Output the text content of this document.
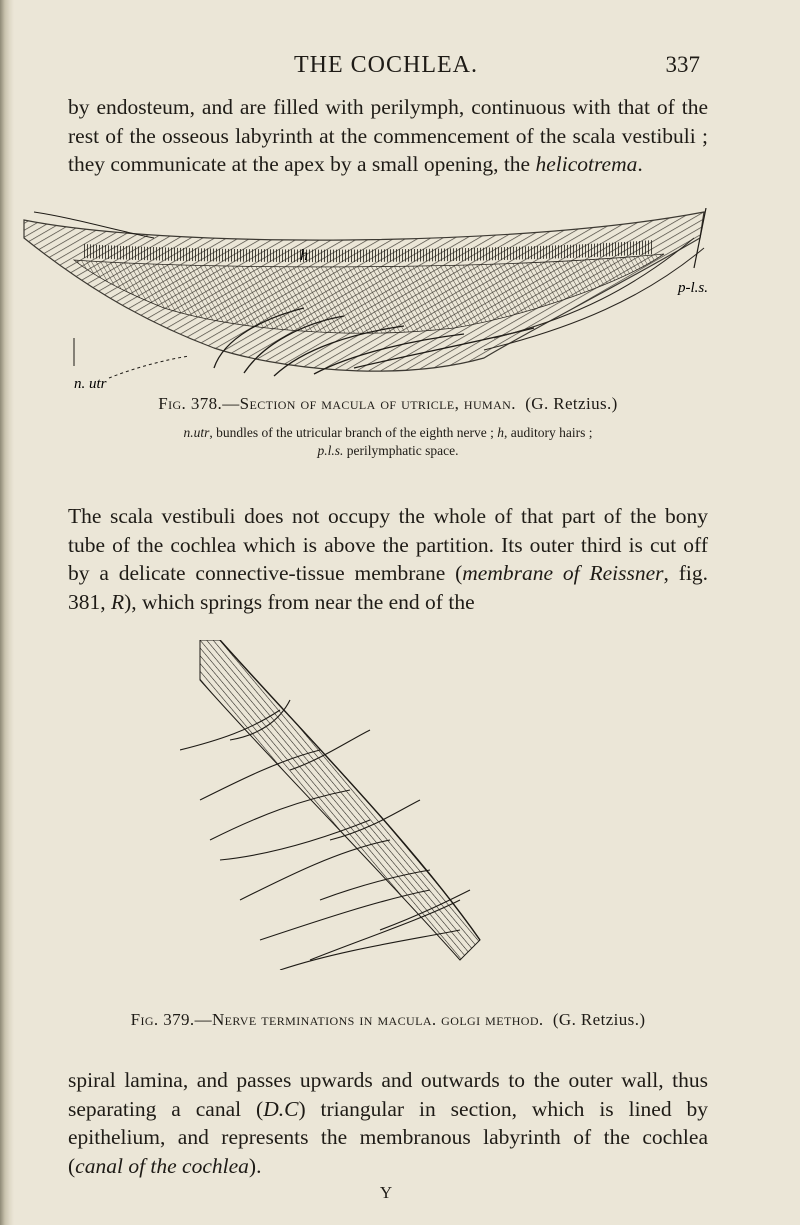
THE COCHLEA.	337

by endosteum, and are filled with perilymph, continuous with that of the rest of the osseous labyrinth at the commencement of the scala vestibuli ; they communicate at the apex by a small opening, the helicotrema.

h
p-l.s.
n. utr
Fig. 378.—Section of macula of utricle, human. (G. Retzius.)
n.utr, bundles of the utricular branch of the eighth nerve ; h, auditory hairs ;
p.l.s. perilymphatic space.

The scala vestibuli does not occupy the whole of that part of the bony tube of the cochlea which is above the partition. Its outer third is cut off by a delicate connective-tissue membrane (membrane of Reissner, fig. 381, R), which springs from near the end of the

Fig. 379.—Nerve terminations in macula. golgi method. (G. Retzius.)

spiral lamina, and passes upwards and outwards to the outer wall, thus separating a canal (D.C) triangular in section, which is lined by epithelium, and represents the membranous labyrinth of the cochlea (canal of the cochlea).

Y
